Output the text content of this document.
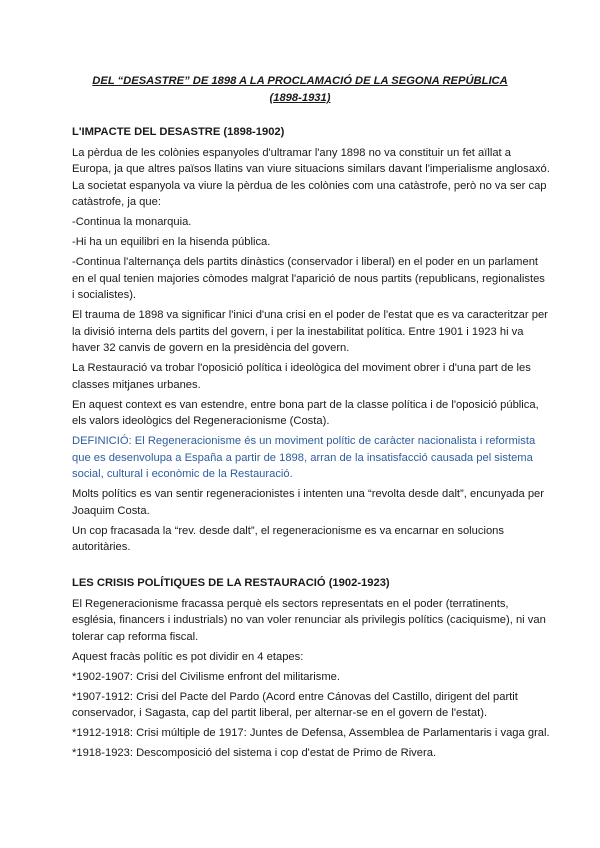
DEL “DESASTRE” DE 1898 A LA PROCLAMACIÓ DE LA SEGONA REPÚBLICA
(1898-1931)
L'IMPACTE DEL DESASTRE (1898-1902)

La pèrdua de les colònies espanyoles d'ultramar l'any 1898 no va constituir un fet aïllat a Europa, ja que altres països llatins van viure situacions similars davant l'imperialisme anglosaxó. La societat espanyola va viure la pèrdua de les colònies com una catàstrofe, però no va ser cap catàstrofe, ja que:

-Continua la monarquia.

-Hi ha un equilibri en la hisenda pública.

-Continua l'alternança dels partits dinàstics (conservador i liberal) en el poder en un parlament en el qual tenien majories còmodes malgrat l'aparició de nous partits (republicans, regionalistes i socialistes).

El trauma de 1898 va significar l'inici d'una crisi en el poder de l'estat que es va caracteritzar per la divisió interna dels partits del govern, i per la inestabilitat política. Entre 1901 i 1923 hi va haver 32 canvis de govern en la presidència del govern.

La Restauració va trobar l'oposició política i ideològica del moviment obrer i d'una part de les classes mitjanes urbanes.

En aquest context es van estendre, entre bona part de la classe política i de l'oposició pública, els valors ideològics del Regeneracionisme (Costa).

DEFINICIÓ: El Regeneracionisme és un moviment polític de caràcter nacionalista i reformista que es desenvolupa a España a partir de 1898, arran de la insatisfacció causada pel sistema social, cultural i econòmic de la Restauració.

Molts polítics es van sentir regeneracionistes i intenten una “revolta desde dalt”, encunyada per Joaquim Costa.

Un cop fracasada la “rev. desde dalt”, el regeneracionisme es va encarnar en solucions autoritàries.

LES CRISIS POLÍTIQUES DE LA RESTAURACIÓ (1902-1923)

El Regeneracionisme fracassa perquè els sectors representats en el poder (terratinents, església, financers i industrials) no van voler renunciar als privilegis polítics (caciquisme), ni van tolerar cap reforma fiscal.

Aquest fracàs polític es pot dividir en 4 etapes:

*1902-1907: Crisi del Civilisme enfront del militarisme.

*1907-1912: Crisi del Pacte del Pardo (Acord entre Cánovas del Castillo, dirigent del partit conservador, i Sagasta, cap del partit liberal, per alternar-se en el govern de l'estat).

*1912-1918: Crisi múltiple de 1917: Juntes de Defensa, Assemblea de Parlamentaris i vaga gral.

*1918-1923: Descomposició del sistema i cop d'estat de Primo de Rivera.
